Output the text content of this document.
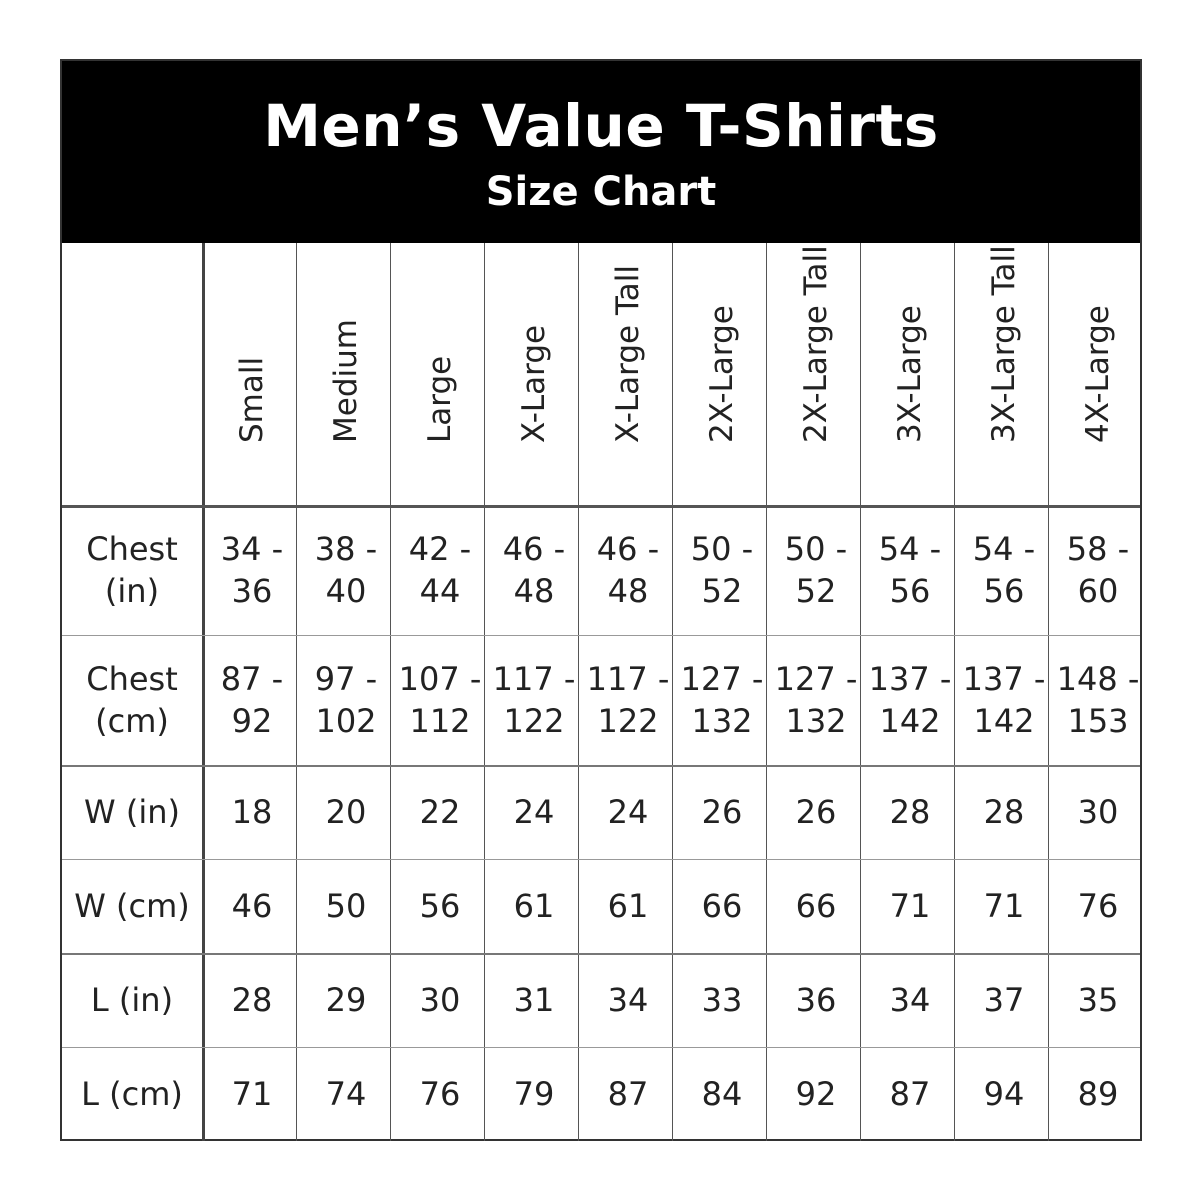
Men’s Value T-Shirts
Size Chart
Small Medium Large X-Large X-Large Tall 2X-Large 2X-Large Tall 3X-Large 3X-Large Tall 4X-Large
Chest
(in)
34 -
36
38 -
40
42 -
44
46 -
48
46 -
48
50 -
52
50 -
52
54 -
56
54 -
56
58 -
60
Chest
(cm)
87 -
92
97 -
102
107 -
112
117 -
122
117 -
122
127 -
132
127 -
132
137 -
142
137 -
142
148 -
153
W (in) 18 20 22 24 24 26 26 28 28 30
W (cm) 46 50 56 61 61 66 66 71 71 76
L (in) 28 29 30 31 34 33 36 34 37 35
L (cm) 71 74 76 79 87 84 92 87 94 89
